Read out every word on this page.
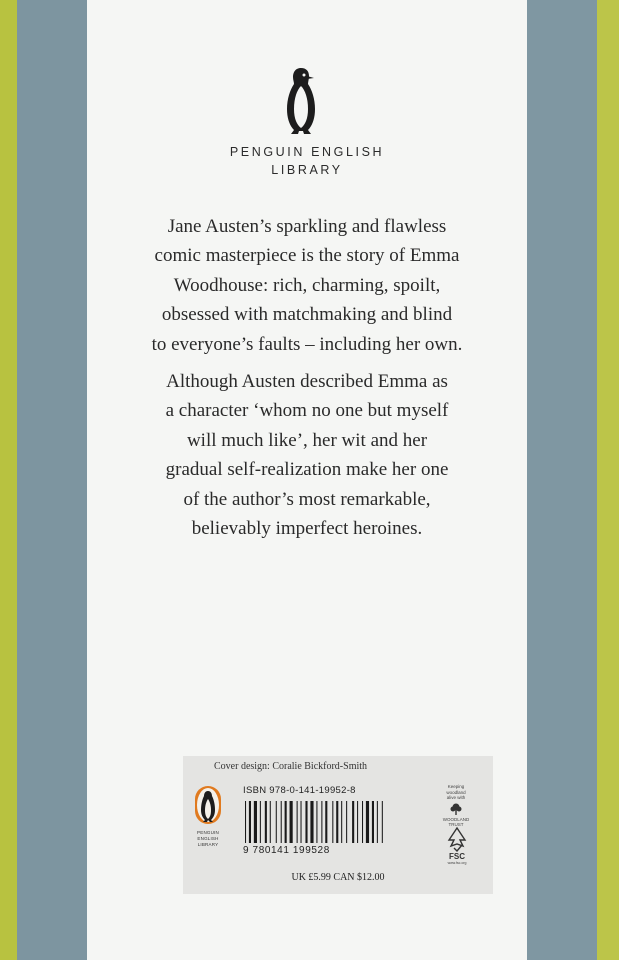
PENGUIN ENGLISH
LIBRARY

Jane Austen’s sparkling and flawless
comic masterpiece is the story of Emma
Woodhouse: rich, charming, spoilt,
obsessed with matchmaking and blind
to everyone’s faults – including her own.

Although Austen described Emma as
a character ‘whom no one but myself
will much like’, her wit and her
gradual self-realization make her one
of the author’s most remarkable,
believably imperfect heroines.

Cover design: Coralie Bickford-Smith
PENGUIN
ENGLISH
LIBRARY
ISBN 978-0-141-19952-8
9 780141 199528
Keeping
woodland
alive with
WOODLAND
TRUST
FSC
www.fsc.org
UK £5.99 CAN $12.00
